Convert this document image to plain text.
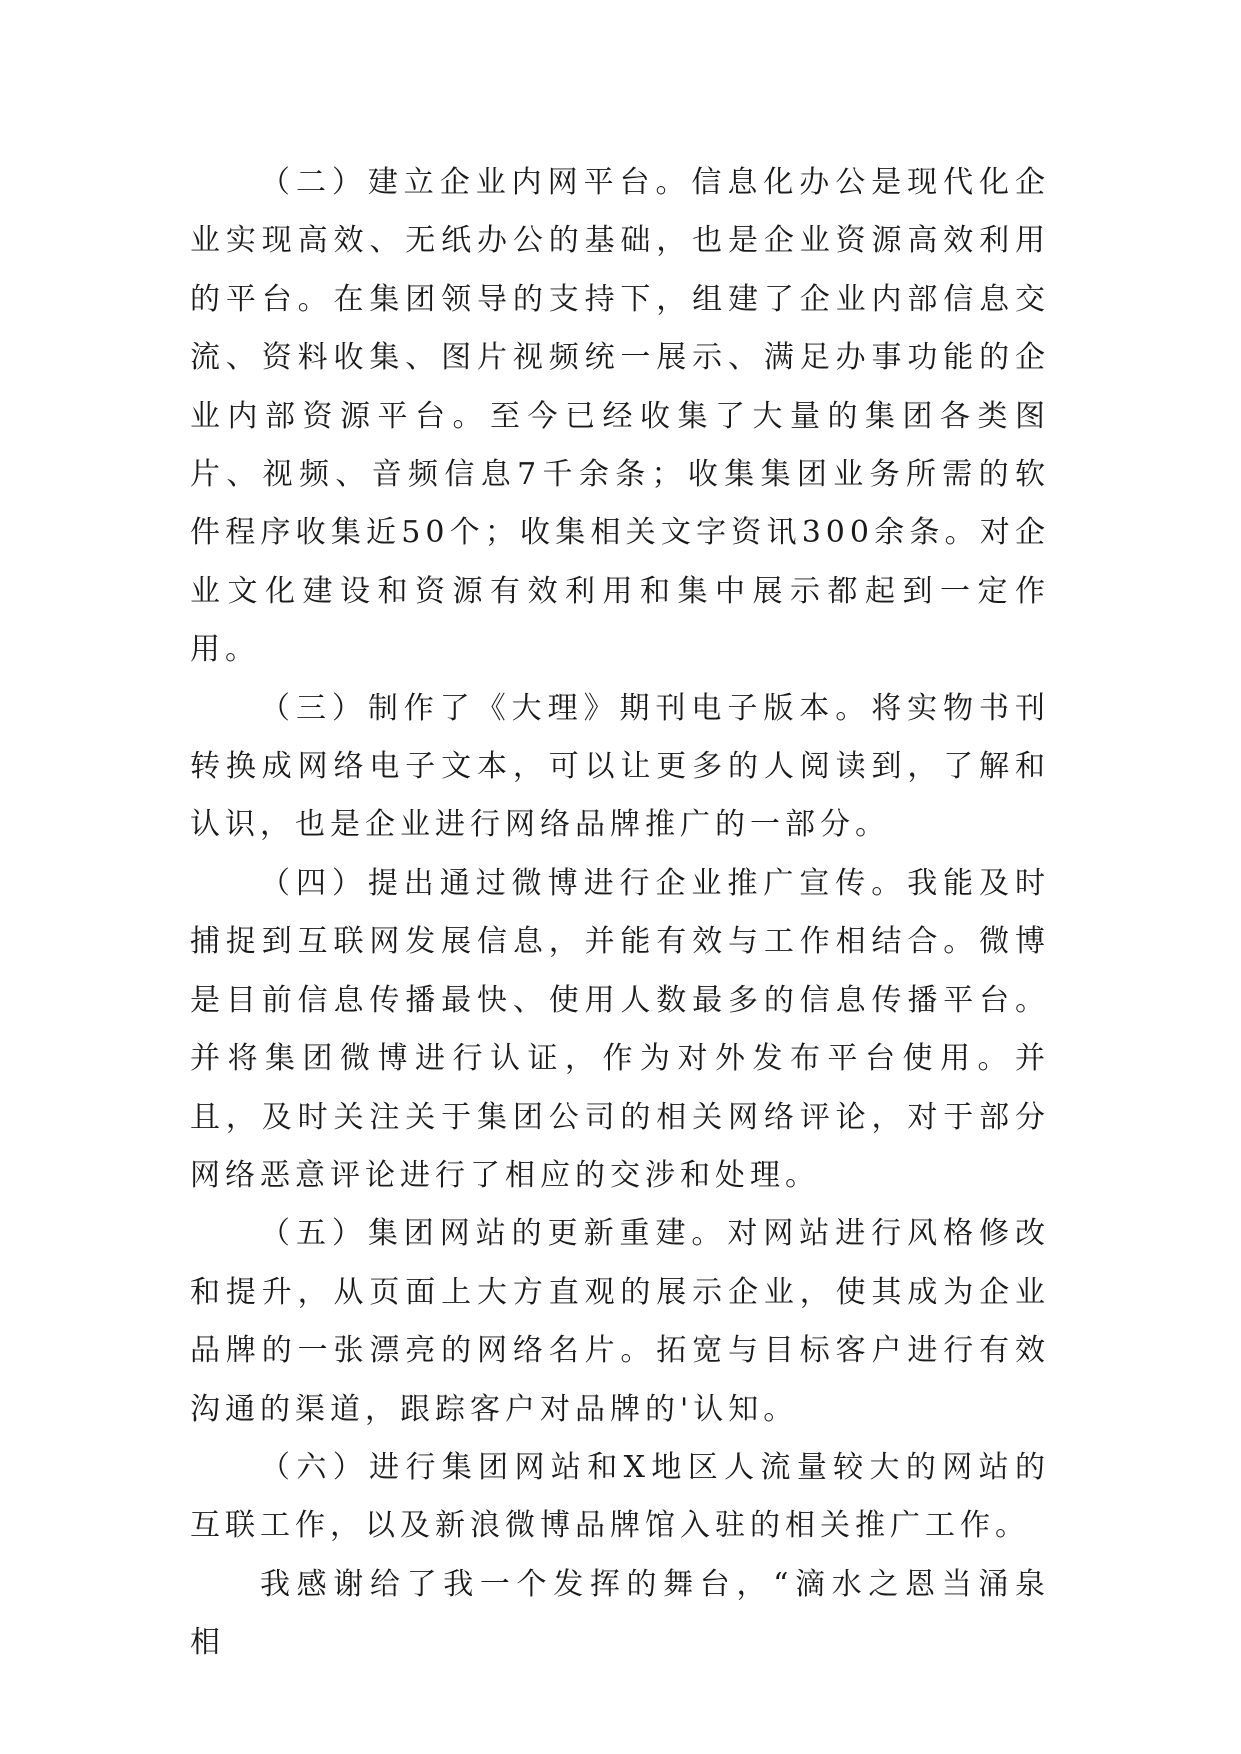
（二）建立企业内网平台。信息化办公是现代化企业实现高效、无纸办公的基础，也是企业资源高效利用的平台。在集团领导的支持下，组建了企业内部信息交流、资料收集、图片视频统一展示、满足办事功能的企业内部资源平台。至今已经收集了大量的集团各类图片、视频、音频信息7千余条；收集集团业务所需的软件程序收集近50个；收集相关文字资讯300余条。对企业文化建设和资源有效利用和集中展示都起到一定作用。

（三）制作了《大理》期刊电子版本。将实物书刊转换成网络电子文本，可以让更多的人阅读到，了解和认识，也是企业进行网络品牌推广的一部分。

（四）提出通过微博进行企业推广宣传。我能及时捕捉到互联网发展信息，并能有效与工作相结合。微博是目前信息传播最快、使用人数最多的信息传播平台。并将集团微博进行认证，作为对外发布平台使用。并且，及时关注关于集团公司的相关网络评论，对于部分网络恶意评论进行了相应的交涉和处理。

（五）集团网站的更新重建。对网站进行风格修改和提升，从页面上大方直观的展示企业，使其成为企业品牌的一张漂亮的网络名片。拓宽与目标客户进行有效沟通的渠道，跟踪客户对品牌的'认知。

（六）进行集团网站和X地区人流量较大的网站的互联工作，以及新浪微博品牌馆入驻的相关推广工作。

我感谢给了我一个发挥的舞台，“滴水之恩当涌泉相
